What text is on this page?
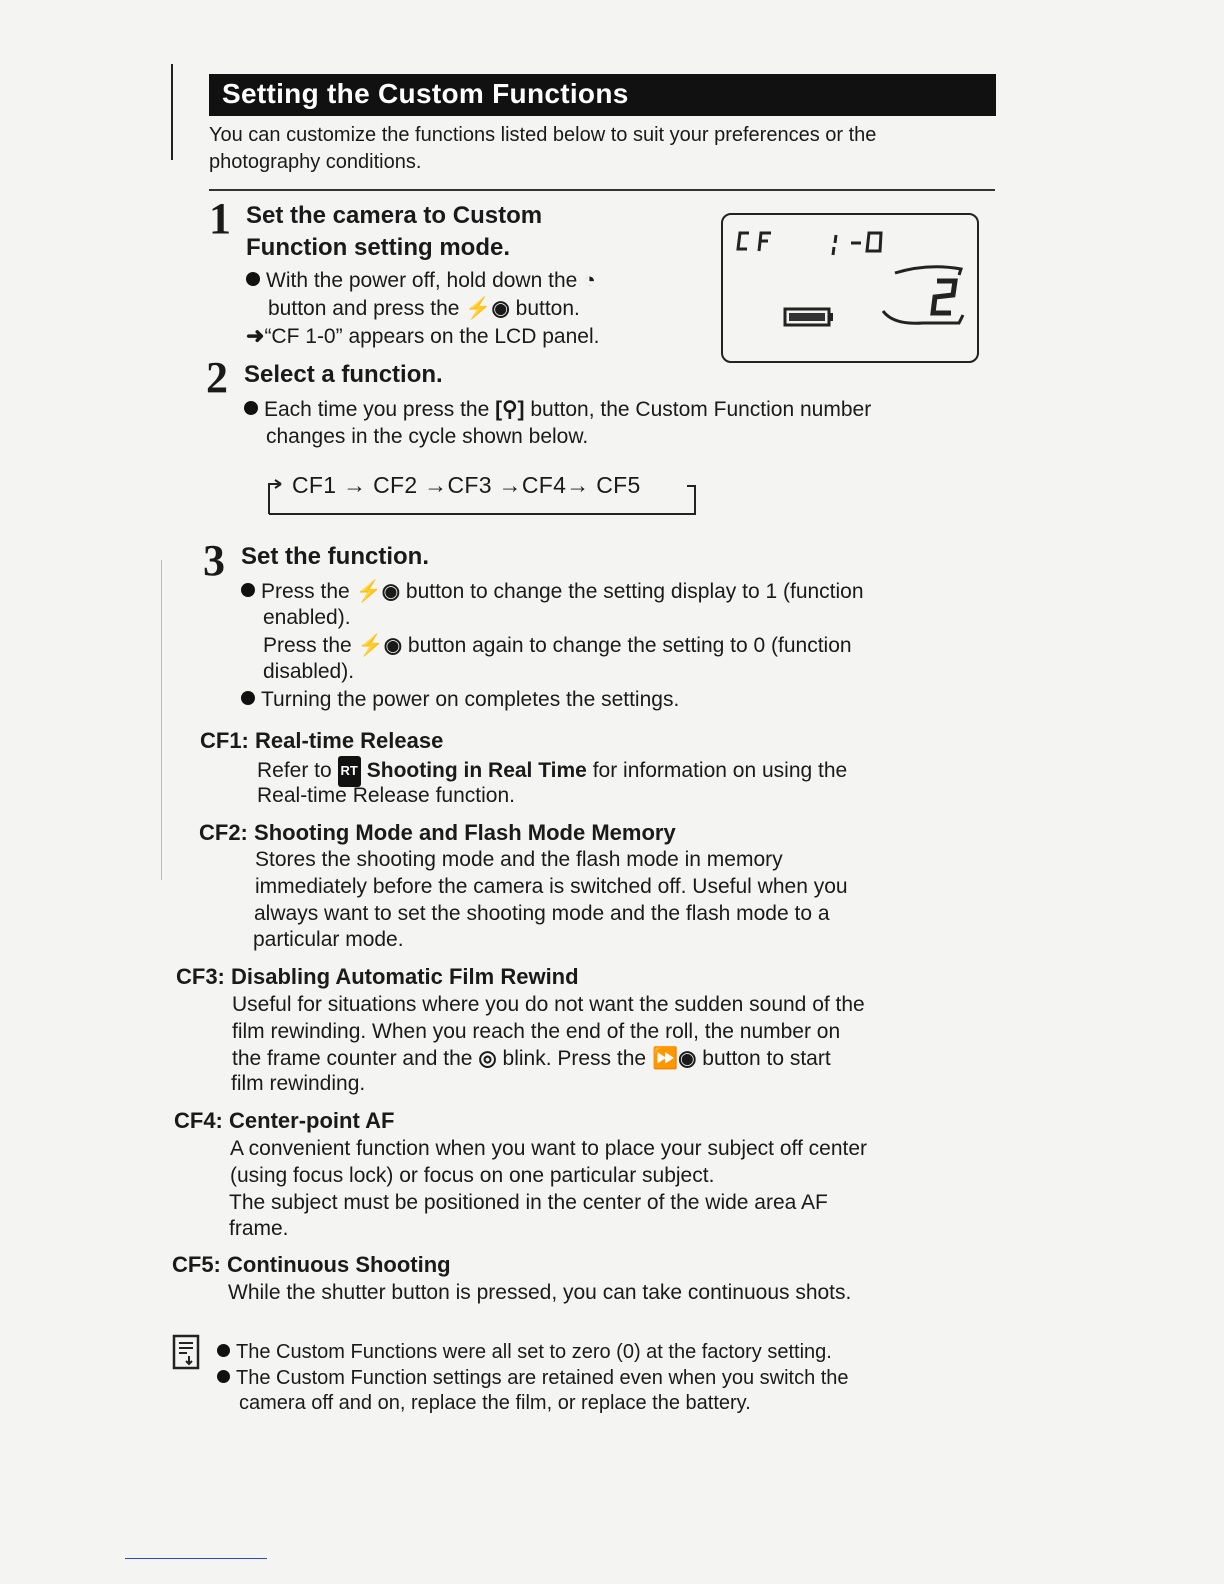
Setting the Custom Functions
You can customize the functions listed below to suit your preferences or the photography conditions.
1 Set the camera to Custom
Function setting mode.
With the power off, hold down the ◔
button and press the ⚡◉ button.
➜“CF 1-0” appears on the LCD panel.
2 Select a function.
Each time you press the [⚲] button, the Custom Function number
changes in the cycle shown below.
CF1 → CF2 →CF3 →CF4→ CF5
3 Set the function.
Press the ⚡◉ button to change the setting display to 1 (function
enabled).
Press the ⚡◉ button again to change the setting to 0 (function
disabled).
Turning the power on completes the settings.
CF1: Real-time Release
Refer to RT Shooting in Real Time for information on using the
Real-time Release function.
CF2: Shooting Mode and Flash Mode Memory
Stores the shooting mode and the flash mode in memory
immediately before the camera is switched off. Useful when you
always want to set the shooting mode and the flash mode to a
particular mode.
CF3: Disabling Automatic Film Rewind
Useful for situations where you do not want the sudden sound of the
film rewinding. When you reach the end of the roll, the number on
the frame counter and the ◎ blink. Press the ⏩◉ button to start
film rewinding.
CF4: Center-point AF
A convenient function when you want to place your subject off center
(using focus lock) or focus on one particular subject.
The subject must be positioned in the center of the wide area AF
frame.
CF5: Continuous Shooting
While the shutter button is pressed, you can take continuous shots.
The Custom Functions were all set to zero (0) at the factory setting.
The Custom Function settings are retained even when you switch the
camera off and on, replace the film, or replace the battery.
